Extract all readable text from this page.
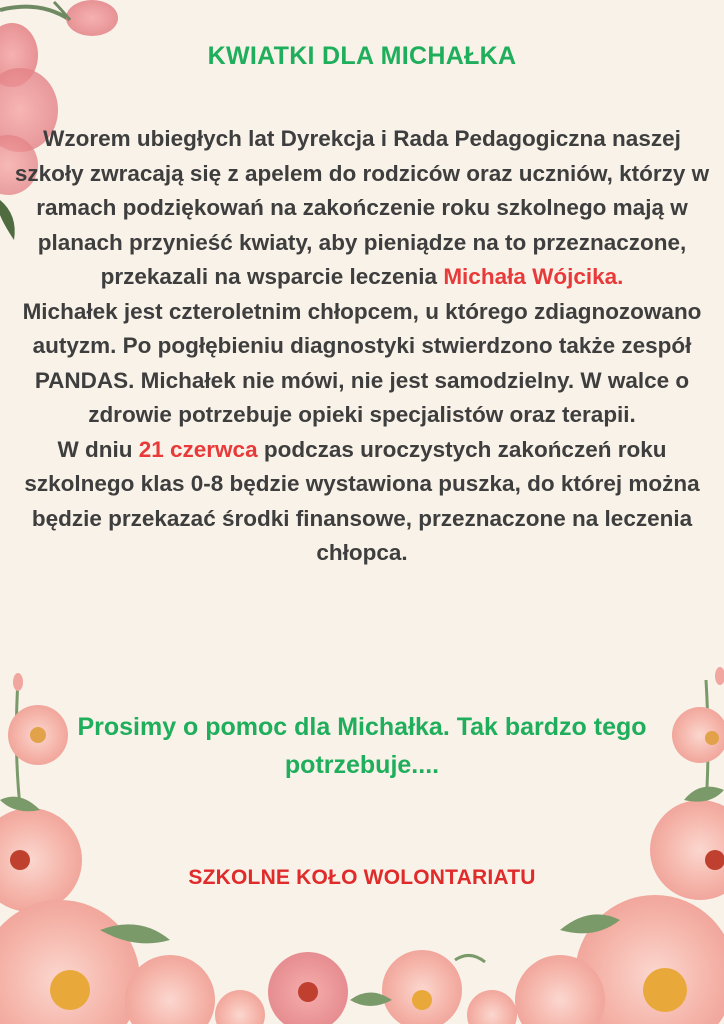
KWIATKI DLA MICHAŁKA

Wzorem ubiegłych lat Dyrekcja i Rada Pedagogiczna naszej szkoły zwracają się z apelem do rodziców oraz uczniów, którzy w ramach podziękowań na zakończenie roku szkolnego mają w planach przynieść kwiaty, aby pieniądze na to przeznaczone, przekazali na wsparcie leczenia Michała Wójcika.

Michałek jest czteroletnim chłopcem, u którego zdiagnozowano autyzm. Po pogłębieniu diagnostyki stwierdzono także zespół PANDAS. Michałek nie mówi, nie jest samodzielny. W walce o zdrowie potrzebuje opieki specjalistów oraz terapii.

W dniu 21 czerwca podczas uroczystych zakończeń roku szkolnego klas 0-8 będzie wystawiona puszka, do której można będzie przekazać środki finansowe, przeznaczone na leczenia chłopca.

Prosimy o pomoc dla Michałka. Tak bardzo tego potrzebuje....
SZKOLNE KOŁO WOLONTARIATU
